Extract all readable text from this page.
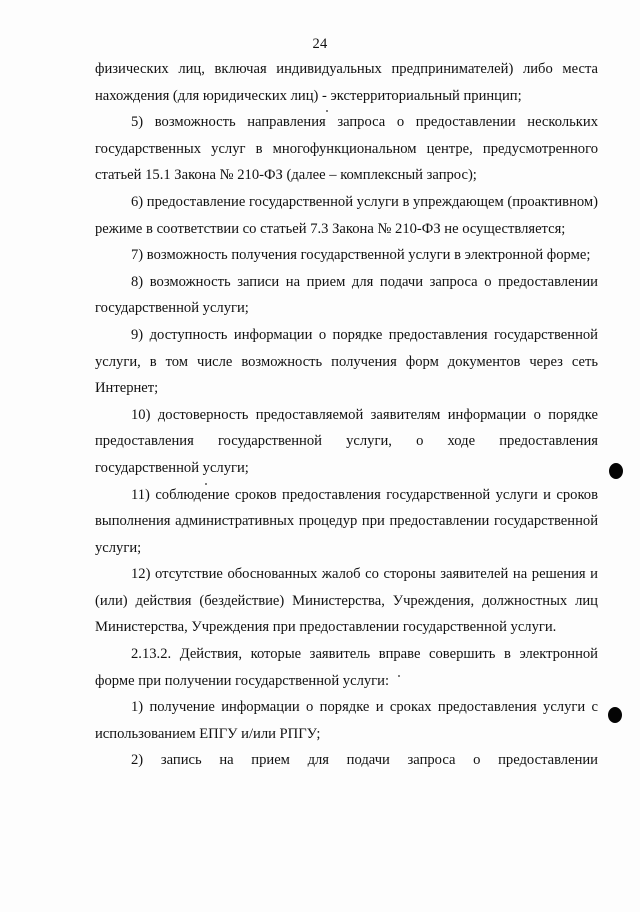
24

физических лиц, включая индивидуальных предпринимателей) либо места нахождения (для юридических лиц) - экстерриториальный принцип;

5) возможность направления запроса о предоставлении нескольких государственных услуг в многофункциональном центре, предусмотренного статьей 15.1 Закона № 210-ФЗ (далее – комплексный запрос);

6) предоставление государственной услуги в упреждающем (проактивном) режиме в соответствии со статьей 7.3 Закона № 210-ФЗ не осуществляется;

7) возможность получения государственной услуги в электронной форме;

8) возможность записи на прием для подачи запроса о предоставлении государственной услуги;

9) доступность информации о порядке предоставления государственной услуги, в том числе возможность получения форм документов через сеть Интернет;

10) достоверность предоставляемой заявителям информации о порядке предоставления государственной услуги, о ходе предоставления государственной услуги;

11) соблюдение сроков предоставления государственной услуги и сроков выполнения административных процедур при предоставлении государственной услуги;

12) отсутствие обоснованных жалоб со стороны заявителей на решения и (или) действия (бездействие) Министерства, Учреждения, должностных лиц Министерства, Учреждения при предоставлении государственной услуги.

2.13.2. Действия, которые заявитель вправе совершить в электронной форме при получении государственной услуги:

1) получение информации о порядке и сроках предоставления услуги с использованием ЕПГУ и/или РПГУ;

2) запись на прием для подачи запроса о предоставлении
